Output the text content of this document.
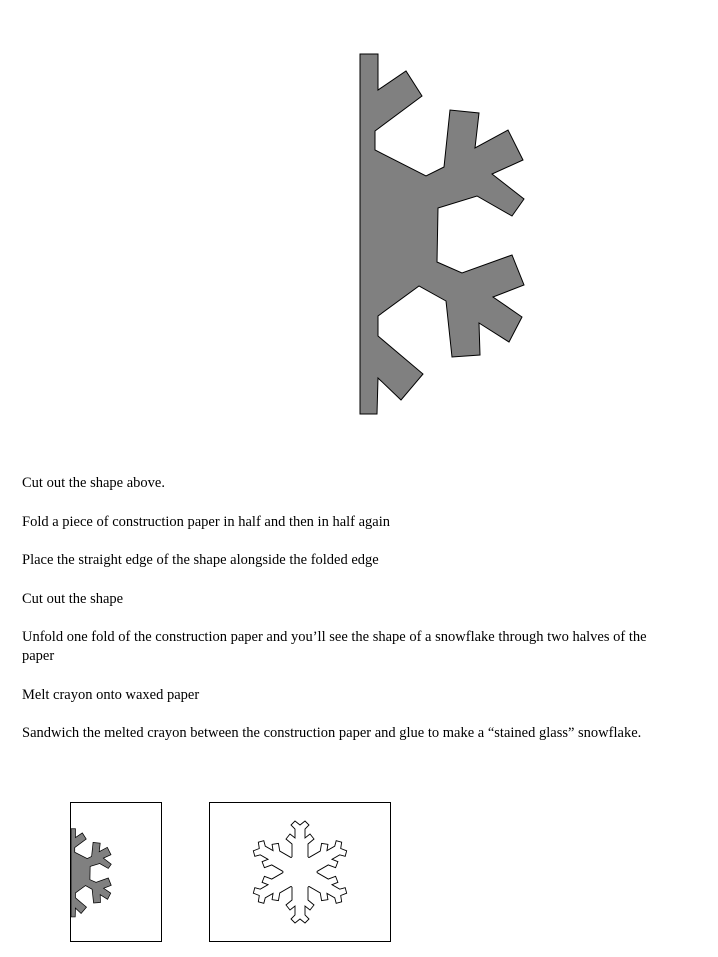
Cut out the shape above.

Fold a piece of construction paper in half and then in half again

Place the straight edge of the shape alongside the folded edge

Cut out the shape

Unfold one fold of the construction paper and you’ll see the shape of a snowflake through two halves of the paper

Melt crayon onto waxed paper

Sandwich the melted crayon between the construction paper and glue to make a “stained glass” snowflake.
